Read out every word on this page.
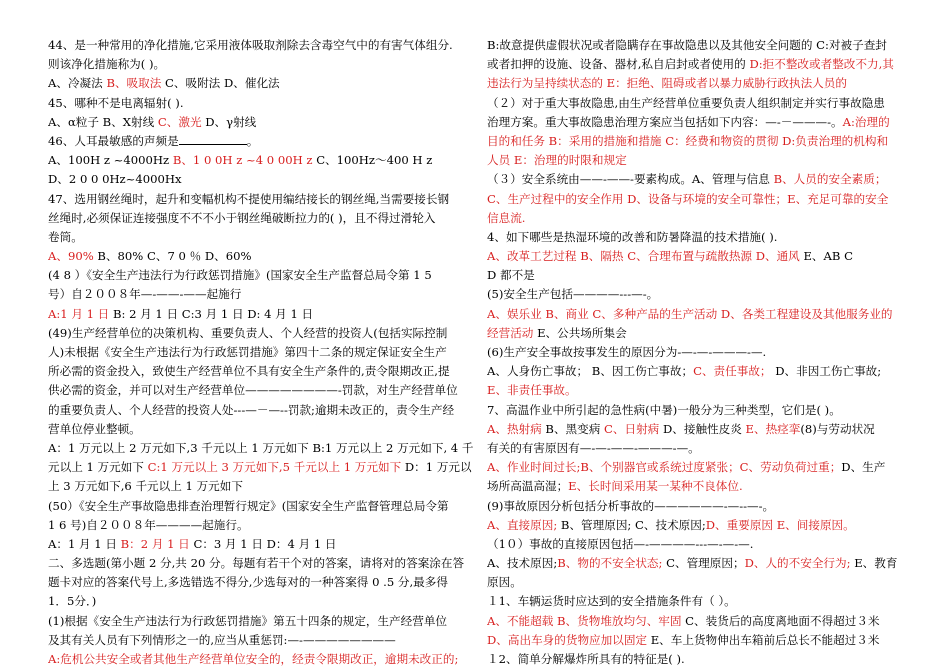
44、是一种常用的净化措施,它采用液体吸取剂除去含毒空气中的有害气体组分.
则该净化措施称为( )。
A、冷凝法 B、吸取法 C、吸附法 D、催化法
45、哪种不是电离辐射( ).
A、α粒子 B、X射线 C、激光 D、γ射线
46、人耳最敏感的声频是	。
A、100H z ~4000Hz B、1 0 0H z ~4 0 00H z C、100Hz～400 H z
D、2 0 0 0Hz~4000Hx
47、选用钢丝绳时，起升和变幅机构不提使用编结接长的钢丝绳,当需要接长钢
丝绳时,必须保证连接强度不不不小于钢丝绳破断拉力的( )，且不得过滑轮入
卷筒。
A、90% B、80% C、7 0 ％ D、60%
(4 8 ）《安全生产违法行为行政惩罚措施》(国家安全生产监督总局令第 1 5
号）自２００８年—-——-——起施行
A:1 月 1 日 B: 2 月 1 日 C:3 月 1 日 D: 4 月 1 日
(49)生产经营单位的决策机构、重要负责人、个人经营的投资人(包括实际控制
人)未根据《安全生产违法行为行政惩罚措施》第四十二条的规定保证安全生产
所必需的资金投入，致使生产经营单位不具有安全生产条件的,责令限期改正,提
供必需的资金，并可以对生产经营单位————————-罚款，对生产经营单位
的重要负责人、个人经营的投资人处---—－—--罚款;逾期未改正的，责令生产经
营单位停业整顿。
A：1 万元以上 2 万元如下,3 千元以上 1 万元如下 B:1 万元以上 2 万元如下, 4 千
元以上 1 万元如下 C:1 万元以上 3 万元如下,5 千元以上 1 万元如下 D：1 万元以
上 3 万元如下,6 千元以上 1 万元如下
(50）《安全生产事故隐患排查治理暂行规定》(国家安全生产监督管理总局令第
1 6 号)自２００８年————起施行。
A：1 月 1 日 B：2 月 1 日 C：3 月 1 日 D：4 月 1 日
二、多选题(第小题 2 分,共 20 分。每题有若干个对的答案，请将对的答案涂在答
题卡对应的答案代号上,多选错选不得分,少选每对的一种答案得 0 .5 分,最多得
1．5分．)
(1)根据《安全生产违法行为行政惩罚措施》第五十四条的规定，生产经营单位
及其有关人员有下列情形之一的,应当从重惩罚:—-————————
A:危机公共安全或者其他生产经营单位安全的，经责令限期改正，逾期未改正的;
B:故意提供虚假状况或者隐瞒存在事故隐患以及其他安全问题的 C:对被子查封
或者扣押的设施、设备、器材,私自启封或者使用的 D:拒不整改或者整改不力,其
违法行为呈持续状态的 E：拒绝、阻碍或者以暴力威胁行政执法人员的
（２）对于重大事故隐患,由生产经营单位重要负责人组织制定并实行事故隐患
治理方案。重大事故隐患治理方案应当包括如下内容：—-－———-。A:治理的
目的和任务 B：采用的措施和措施 C：经费和物资的贯彻 D:负责治理的机构和
人员 E：治理的时限和规定
（３）安全系统由——-——-要素构成。A、管理与信息 B、人员的安全素质；
C、生产过程中的安全作用 D、设备与环境的安全可靠性；E、充足可靠的安全
信息流.
4、如下哪些是热湿环境的改善和防暑降温的技术措施( ).
A、改革工艺过程 B、隔热 C、合理布置与疏散热源 D、通风 E、AB C
D 都不是
(5)安全生产包括————---—-。
A、娱乐业 B、商业 C、多种产品的生产活动 D、各类工程建设及其他服务业的
经营活动 E、公共场所集会
(6)生产安全事故按事发生的原因分为-—-—-———-—.
A、人身伤亡事故； B、因工伤亡事故；C、责任事故； D、非因工伤亡事故;
E、非责任事故。
7、高温作业中所引起的急性病(中暑)一般分为三种类型，它们是( )。
A、热射病 B、黑变病 C、日射病 D、接触性皮炎 E、热痉挛(8)与劳动状况
有关的有害原因有—-—-——-———-—。
A、作业时间过长;B、个别器官或系统过度紧张；C、劳动负荷过重；D、生产
场所高温高湿；E、长时间采用某一某种不良体位.
(9)事故原因分析包括分析事故的——————-—--—-。
A、直接原因; B、管理原因; C、技术原因;D、重要原因 E、间接原因。
（1０）事故的直接原因包括—-————---—-—-—.
A、技术原因;B、物的不安全状态; C、管理原因；D、人的不安全行为; E、教育
原因。
１1、车辆运货时应达到的安全措施条件有（ ）。
A、不能超载 B、货物堆放均匀、牢固 C、装货后的高度离地面不得超过３米
D、高出车身的货物应加以固定 E、车上货物伸出车箱前后总长不能超过３米
１2、简单分解爆炸所具有的特征是( ).
